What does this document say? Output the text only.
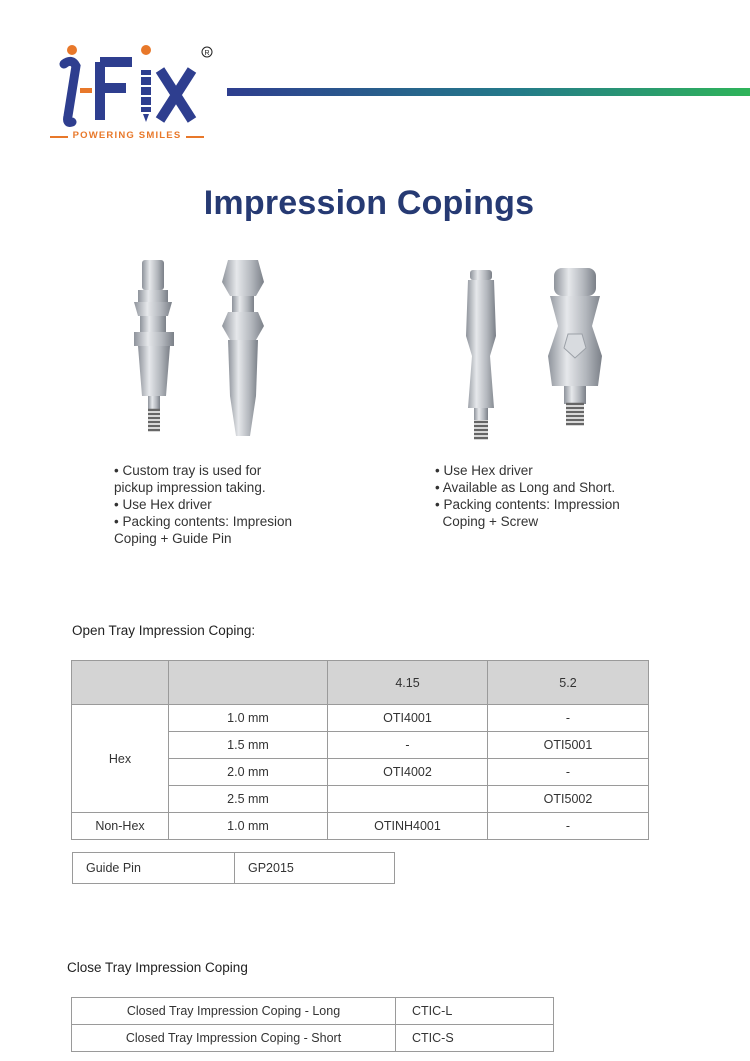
R
POWERING SMILES
Impression Copings
• Custom tray is used for
pickup impression taking.
• Use Hex driver
• Packing contents: Impresion
Coping + Guide Pin
• Use Hex driver
• Available as Long and Short.
• Packing contents: Impression
Coping + Screw
Open Tray Impression Coping:
		4.15	5.2
Hex	1.0 mm	OTI4001	-
	1.5 mm	-	OTI5001
	2.0 mm	OTI4002	-
	2.5 mm		OTI5002
Non-Hex	1.0 mm	OTINH4001	-
Guide Pin	GP2015
Close Tray Impression Coping
Closed Tray Impression Coping - Long	CTIC-L
Closed Tray Impression Coping - Short	CTIC-S
